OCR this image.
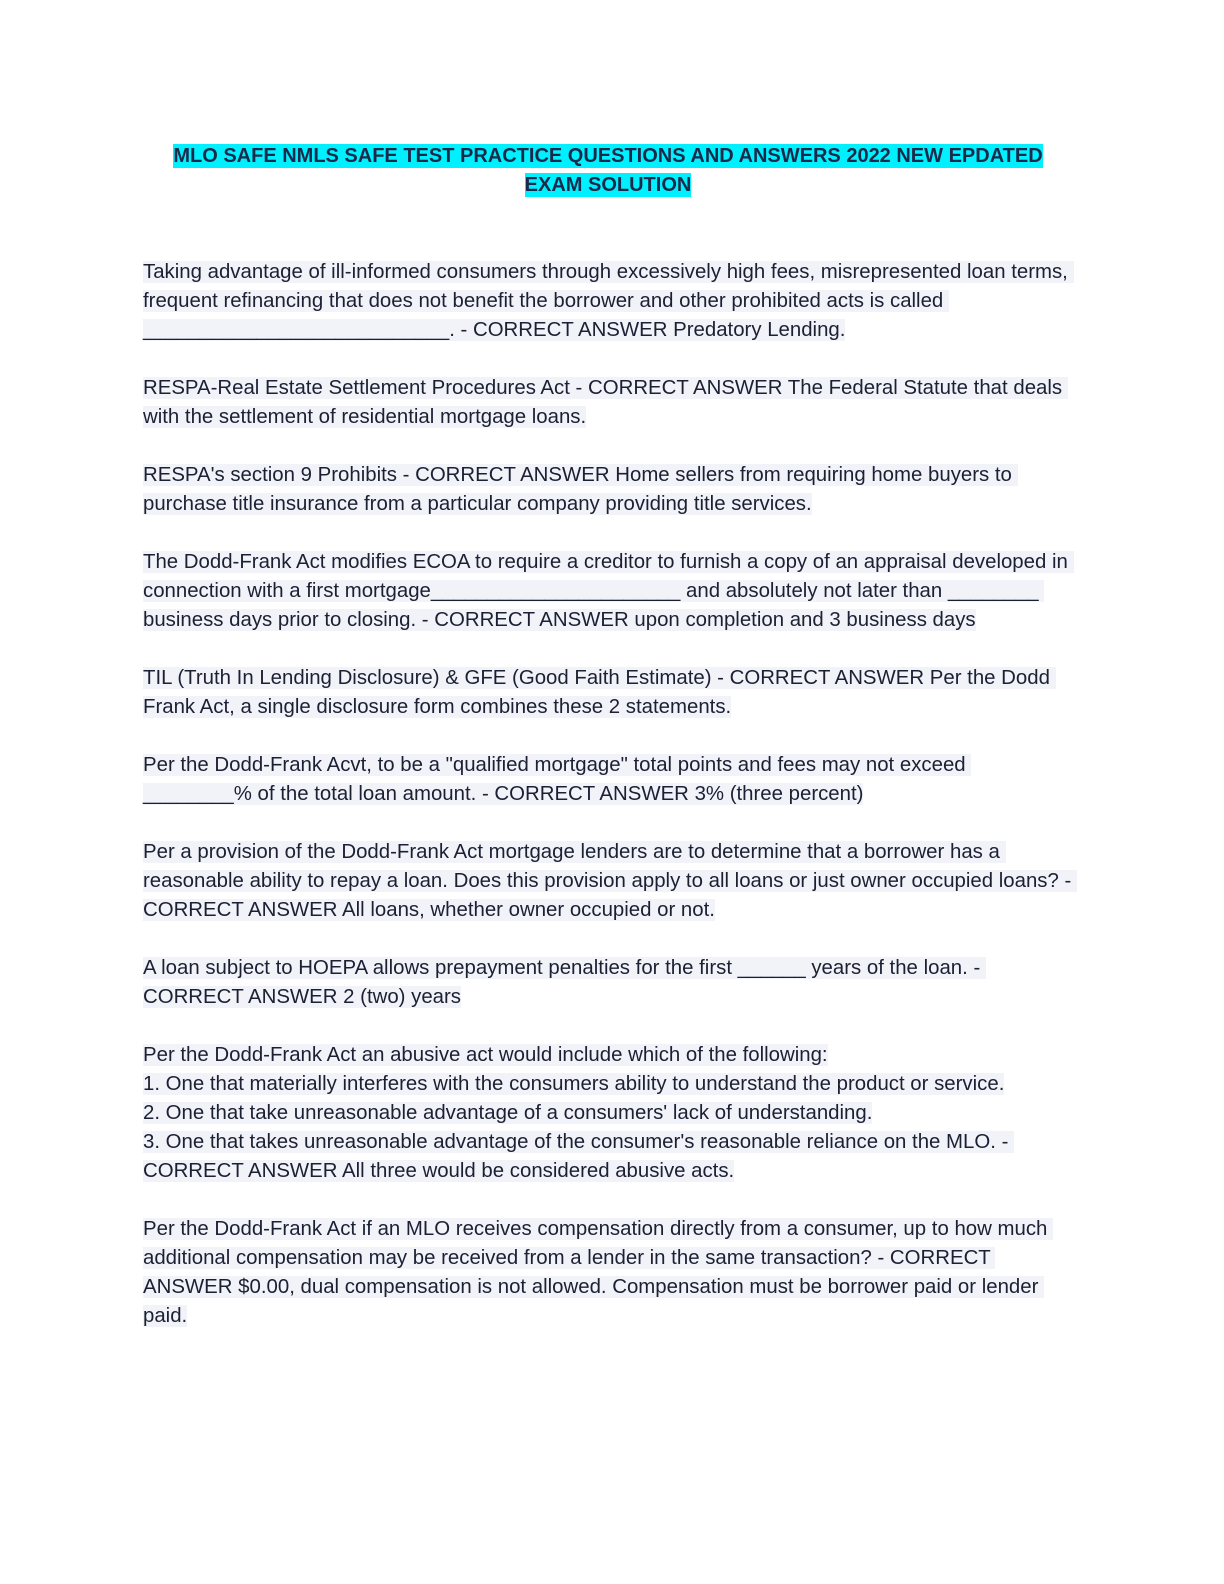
MLO SAFE NMLS SAFE TEST PRACTICE QUESTIONS AND ANSWERS 2022 NEW EPDATED EXAM SOLUTION

Taking advantage of ill-informed consumers through excessively high fees, misrepresented loan terms, frequent refinancing that does not benefit the borrower and other prohibited acts is called ___________________________. - CORRECT ANSWER Predatory Lending.

RESPA-Real Estate Settlement Procedures Act - CORRECT ANSWER The Federal Statute that deals with the settlement of residential mortgage loans.

RESPA's section 9 Prohibits - CORRECT ANSWER Home sellers from requiring home buyers to purchase title insurance from a particular company providing title services.

The Dodd-Frank Act modifies ECOA to require a creditor to furnish a copy of an appraisal developed in connection with a first mortgage______________________ and absolutely not later than ________ business days prior to closing. - CORRECT ANSWER upon completion and 3 business days

TIL (Truth In Lending Disclosure) & GFE (Good Faith Estimate) - CORRECT ANSWER Per the Dodd Frank Act, a single disclosure form combines these 2 statements.

Per the Dodd-Frank Acvt, to be a "qualified mortgage" total points and fees may not exceed ________% of the total loan amount. - CORRECT ANSWER 3% (three percent)

Per a provision of the Dodd-Frank Act mortgage lenders are to determine that a borrower has a reasonable ability to repay a loan. Does this provision apply to all loans or just owner occupied loans? - CORRECT ANSWER All loans, whether owner occupied or not.

A loan subject to HOEPA allows prepayment penalties for the first ______ years of the loan. - CORRECT ANSWER 2 (two) years

Per the Dodd-Frank Act an abusive act would include which of the following:
1. One that materially interferes with the consumers ability to understand the product or service.
2. One that take unreasonable advantage of a consumers' lack of understanding.
3. One that takes unreasonable advantage of the consumer's reasonable reliance on the MLO. - CORRECT ANSWER All three would be considered abusive acts.

Per the Dodd-Frank Act if an MLO receives compensation directly from a consumer, up to how much additional compensation may be received from a lender in the same transaction? - CORRECT ANSWER $0.00, dual compensation is not allowed. Compensation must be borrower paid or lender paid.
